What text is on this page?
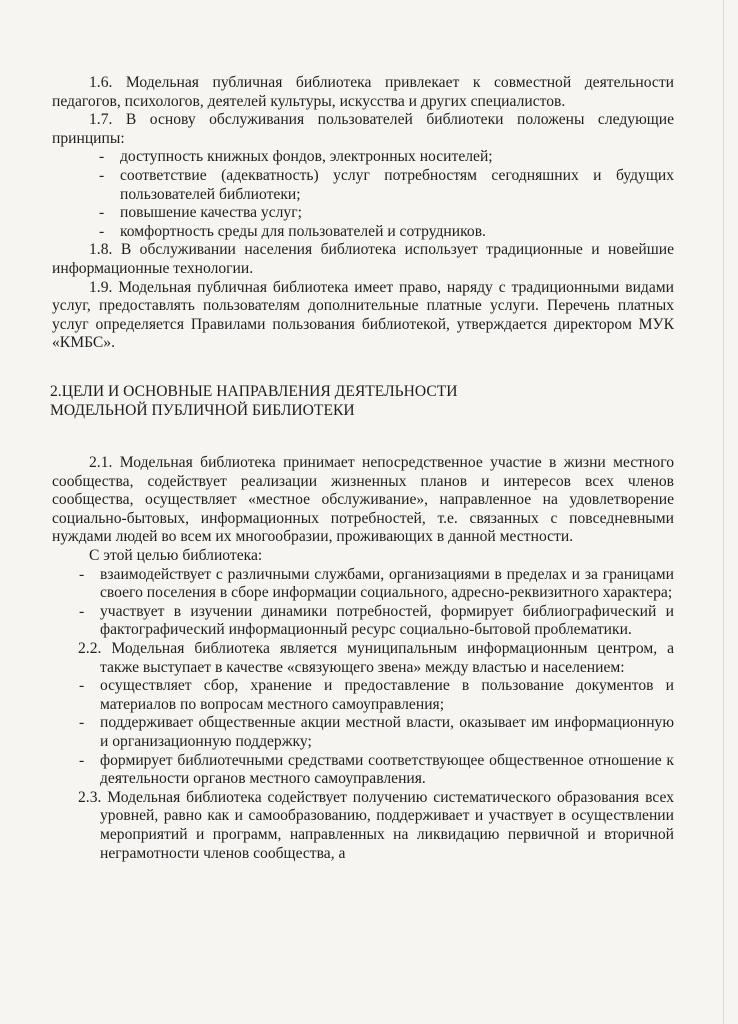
1.6. Модельная публичная библиотека привлекает к совместной деятельности педагогов, психологов, деятелей культуры, искусства и других специалистов.

1.7. В основу обслуживания пользователей библиотеки положены следующие принципы:

- доступность книжных фондов, электронных носителей;

- соответствие (адекватность) услуг потребностям сегодняшних и будущих пользователей библиотеки;

- повышение качества услуг;

- комфортность среды для пользователей и сотрудников.

1.8. В обслуживании населения библиотека использует традиционные и новейшие информационные технологии.

1.9. Модельная публичная библиотека имеет право, наряду с традиционными видами услуг, предоставлять пользователям дополнительные платные услуги. Перечень платных услуг определяется Правилами пользования библиотекой, утверждается директором МУК «КМБС».

2.ЦЕЛИ И ОСНОВНЫЕ НАПРАВЛЕНИЯ ДЕЯТЕЛЬНОСТИ МОДЕЛЬНОЙ ПУБЛИЧНОЙ БИБЛИОТЕКИ

2.1. Модельная библиотека принимает непосредственное участие в жизни местного сообщества, содействует реализации жизненных планов и интересов всех членов сообщества, осуществляет «местное обслуживание», направленное на удовлетворение социально-бытовых, информационных потребностей, т.е. связанных с повседневными нуждами людей во всем их многообразии, проживающих в данной местности.

С этой целью библиотека:

- взаимодействует с различными службами, организациями в пределах и за границами своего поселения в сборе информации социального, адресно-реквизитного характера;

- участвует в изучении динамики потребностей, формирует библиографический и фактографический информационный ресурс социально-бытовой проблематики.

2.2. Модельная библиотека является муниципальным информационным центром, а также выступает в качестве «связующего звена» между властью и населением:

- осуществляет сбор, хранение и предоставление в пользование документов и материалов по вопросам местного самоуправления;

- поддерживает общественные акции местной власти, оказывает им информационную и организационную поддержку;

- формирует библиотечными средствами соответствующее общественное отношение к деятельности органов местного самоуправления.

2.3. Модельная библиотека содействует получению систематического образования всех уровней, равно как и самообразованию, поддерживает и участвует в осуществлении мероприятий и программ, направленных на ликвидацию первичной и вторичной неграмотности членов сообщества, а
